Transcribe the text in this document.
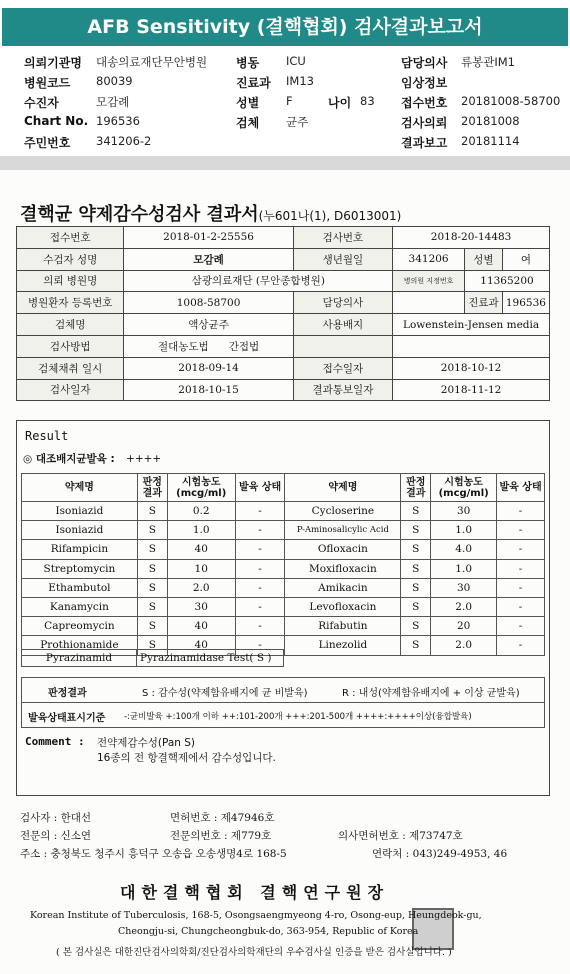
AFB Sensitivity (결핵협회) 검사결과보고서
의뢰기관명 대송의료재단무안병원 병동 ICU	담당의사 류봉관IM1
병원코드 80039	진료과 IM13	임상정보
수진자	모감례	성별 F	나이 83 접수번호 20181008-58700
Chart No. 196536	검체 균주	검사의뢰 20181008
주민번호 341206-2	결과보고 20181114
결핵균 약제감수성검사 결과서(누601나(1), D6013001)
접수번호	2018-01-2-25556	검사번호	2018-20-14483		
수검자 성명	모감례	생년월일	341206	성별	여
의뢰 병원명	삼광의료재단 (무안종합병원)		병의원 지정번호	11365200	
병원환자 등록번호	1008-58700	담당의사		진료과	196536
검체명	액상균주	사용배지	Lowenstein-Jensen media		
검사방법	절대농도법 간접법				
검체채취 일시	2018-09-14	접수일자	2018-10-12		
검사일자	2018-10-15	결과통보일자	2018-11-12		
Result
◎ 대조배지균발육 : ++++
약제명	판정 결과	시험농도 (mcg/ml)	발육 상태	약제명	판정 결과	시험농도 (mcg/ml)	발육 상태
Isoniazid	S	0.2	-	Cycloserine	S	30	-
Isoniazid	S	1.0	-	P-Aminosalicylic Acid	S	1.0	-
Rifampicin	S	40	-	Ofloxacin	S	4.0	-
Streptomycin	S	10	-	Moxifloxacin	S	1.0	-
Ethambutol	S	2.0	-	Amikacin	S	30	-
Kanamycin	S	30	-	Levofloxacin	S	2.0	-
Capreomycin	S	40	-	Rifabutin	S	20	-
Prothionamide	S	40	-	Linezolid	S	2.0	-
Pyrazinamid	Pyrazinamidase Test( S )
판정결과	S : 감수성(약제함유배지에 균 비발육)	R : 내성(약제함유배지에 + 이상 균발육)
발육상태표시기준 -:균비발육 +:100개 이하 ++:101-200개 +++:201-500개 ++++:++++이상(융합발육)
Comment : 전약제감수성(Pan S)
16종의 전 항결핵제에서 감수성입니다.
검사자 : 한대선	면허번호 : 제47946호
전문의 : 신소연	전문의번호 : 제779호	의사면허번호 : 제73747호
주소 : 충청북도 청주시 흥덕구 오송읍 오송생명4로 168-5	연락처 : 043)249-4953, 46
대한결핵협회 결핵연구원장
Korean Institute of Tuberculosis, 168-5, Osongsaengmyeong 4-ro, Osong-eup, Heungdeok-gu,
Cheongju-si, Chungcheongbuk-do, 363-954, Republic of Korea
( 본 검사실은 대한진단검사의학회/진단검사의학재단의 우수검사실 인증을 받은 검사실입니다. )
